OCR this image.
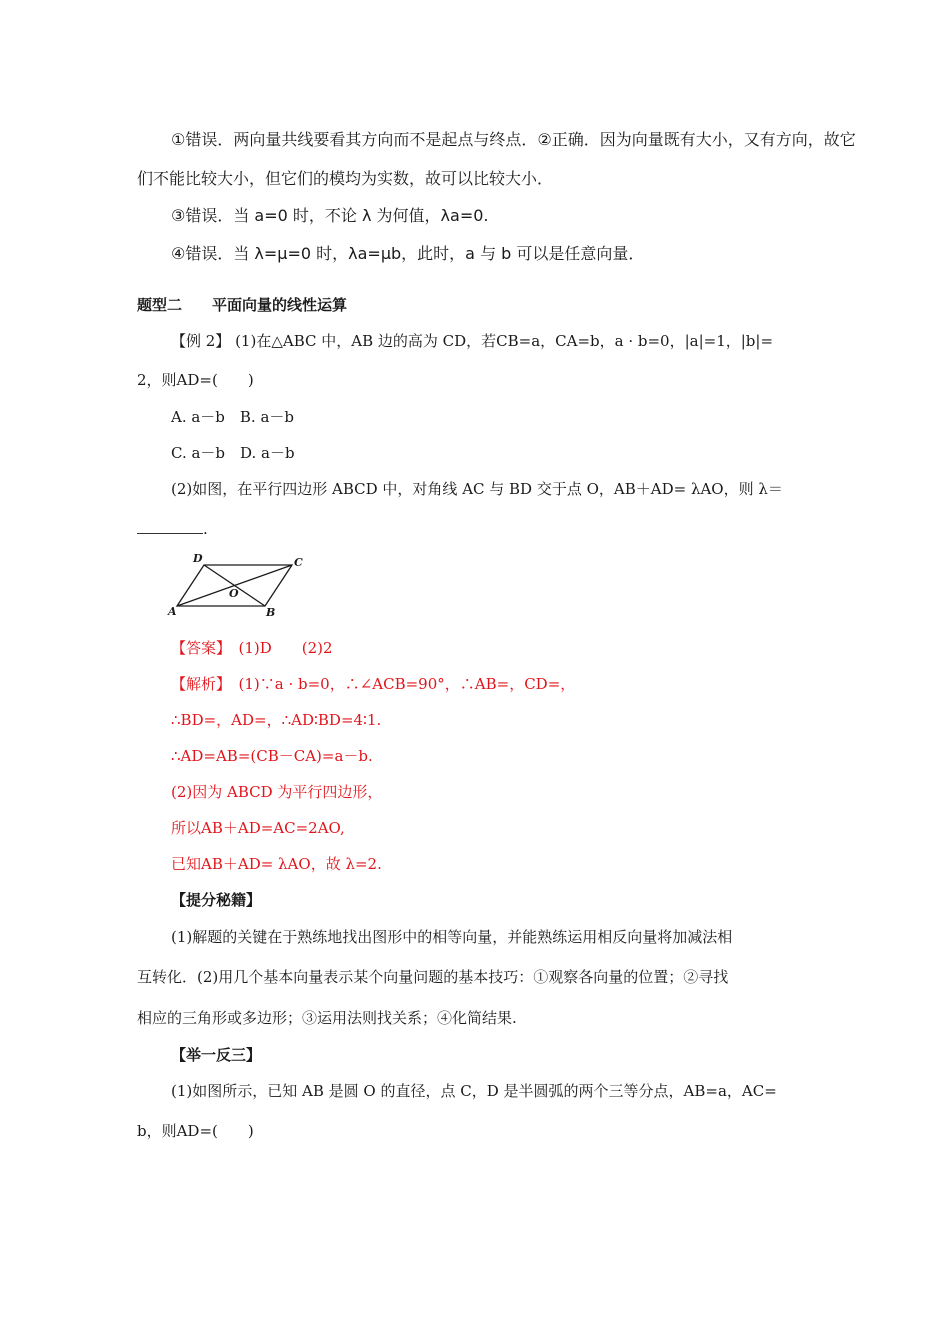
①错误．两向量共线要看其方向而不是起点与终点．②正确．因为向量既有大小，又有方向，故它
们不能比较大小，但它们的模均为实数，故可以比较大小．
③错误．当 a=0 时，不论 λ 为何值，λa=0.
④错误．当 λ=μ=0 时，λa=μb，此时，a 与 b 可以是任意向量．
题型二　　平面向量的线性运算
【例 2】 (1)在△ABC 中，AB 边的高为 CD，若CB=a，CA=b，a · b=0，|a|=1，|b|=
2，则AD=(　　)
A. a－b　B. a－b
C. a－b　D. a－b
(2)如图，在平行四边形 ABCD 中，对角线 AC 与 BD 交于点 O，AB＋AD= λAO，则 λ＝
.
D	C
A	B
O
【答案】　(1)D　　(2)2
【解析】　(1)∵a · b=0，∴∠ACB=90°，∴AB=，CD=，
∴BD=，AD=，∴AD∶BD=4∶1.
∴AD=AB=(CB－CA)=a－b.
(2)因为 ABCD 为平行四边形，
所以AB＋AD=AC=2AO,
已知AB＋AD= λAO，故 λ=2.
【提分秘籍】
(1)解题的关键在于熟练地找出图形中的相等向量，并能熟练运用相反向量将加减法相
互转化．(2)用几个基本向量表示某个向量问题的基本技巧：①观察各向量的位置；②寻找
相应的三角形或多边形；③运用法则找关系；④化简结果.
【举一反三】
(1)如图所示，已知 AB 是圆 O 的直径，点 C，D 是半圆弧的两个三等分点，AB=a，AC=
b，则AD=(　　)
